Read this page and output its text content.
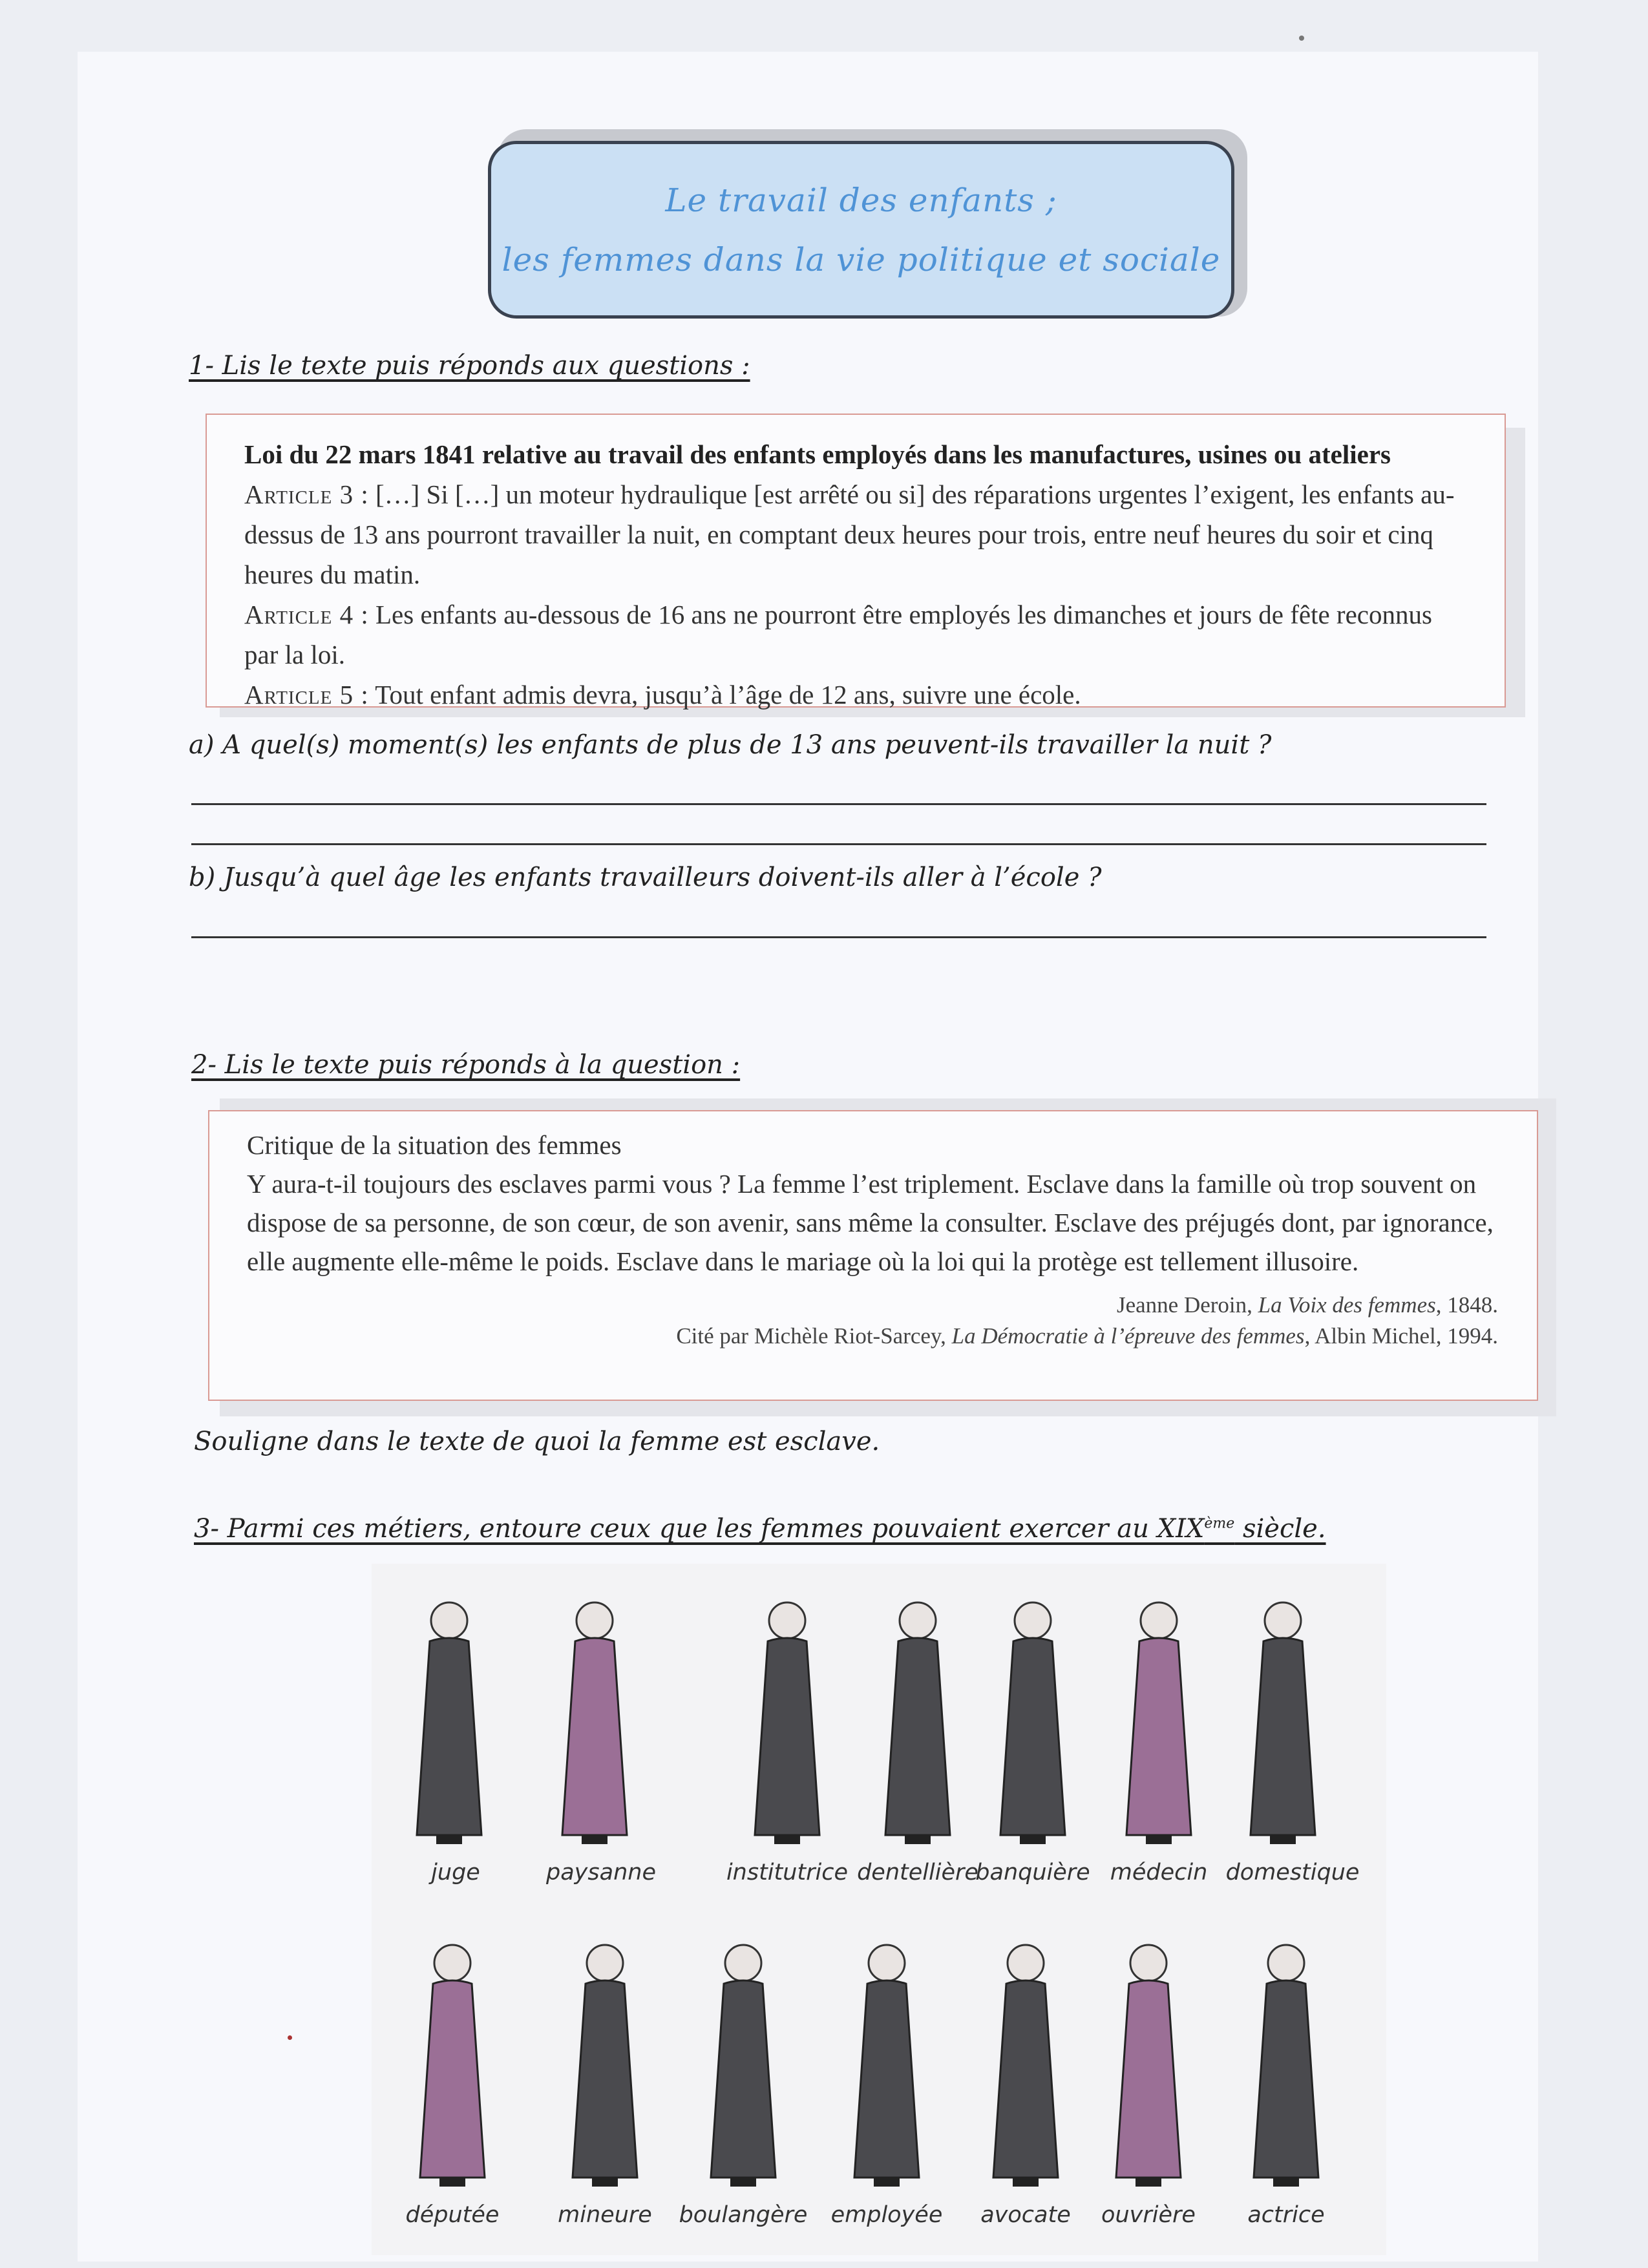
Le travail des enfants ;
les femmes dans la vie politique et sociale
1- Lis le texte puis réponds aux questions :
Loi du 22 mars 1841 relative au travail des enfants employés dans les manufactures, usines ou ateliers
Article 3 : […] Si […] un moteur hydraulique [est arrêté ou si] des réparations urgentes l’exigent, les enfants au-dessus de 13 ans pourront travailler la nuit, en comptant deux heures pour trois, entre neuf heures du soir et cinq heures du matin.
Article 4 : Les enfants au-dessous de 16 ans ne pourront être employés les dimanches et jours de fête reconnus par la loi.
Article 5 : Tout enfant admis devra, jusqu’à l’âge de 12 ans, suivre une école.
a) A quel(s) moment(s) les enfants de plus de 13 ans peuvent-ils travailler la nuit ?
b) Jusqu’à quel âge les enfants travailleurs doivent-ils aller à l’école ?
2- Lis le texte puis réponds à la question :
Critique de la situation des femmes
Y aura-t-il toujours des esclaves parmi vous ? La femme l’est triplement. Esclave dans la famille où trop souvent on dispose de sa personne, de son cœur, de son avenir, sans même la consulter. Esclave des préjugés dont, par ignorance, elle augmente elle-même le poids. Esclave dans le mariage où la loi qui la protège est tellement illusoire.
Jeanne Deroin, La Voix des femmes, 1848.
Cité par Michèle Riot-Sarcey, La Démocratie à l’épreuve des femmes, Albin Michel, 1994.
Souligne dans le texte de quoi la femme est esclave.
3- Parmi ces métiers, entoure ceux que les femmes pouvaient exercer au XIXème siècle.
juge	paysanne	institutrice dentellière
banquière médecin domestique
députée	mineure	boulangère	employée	avocate	ouvrière	actrice
